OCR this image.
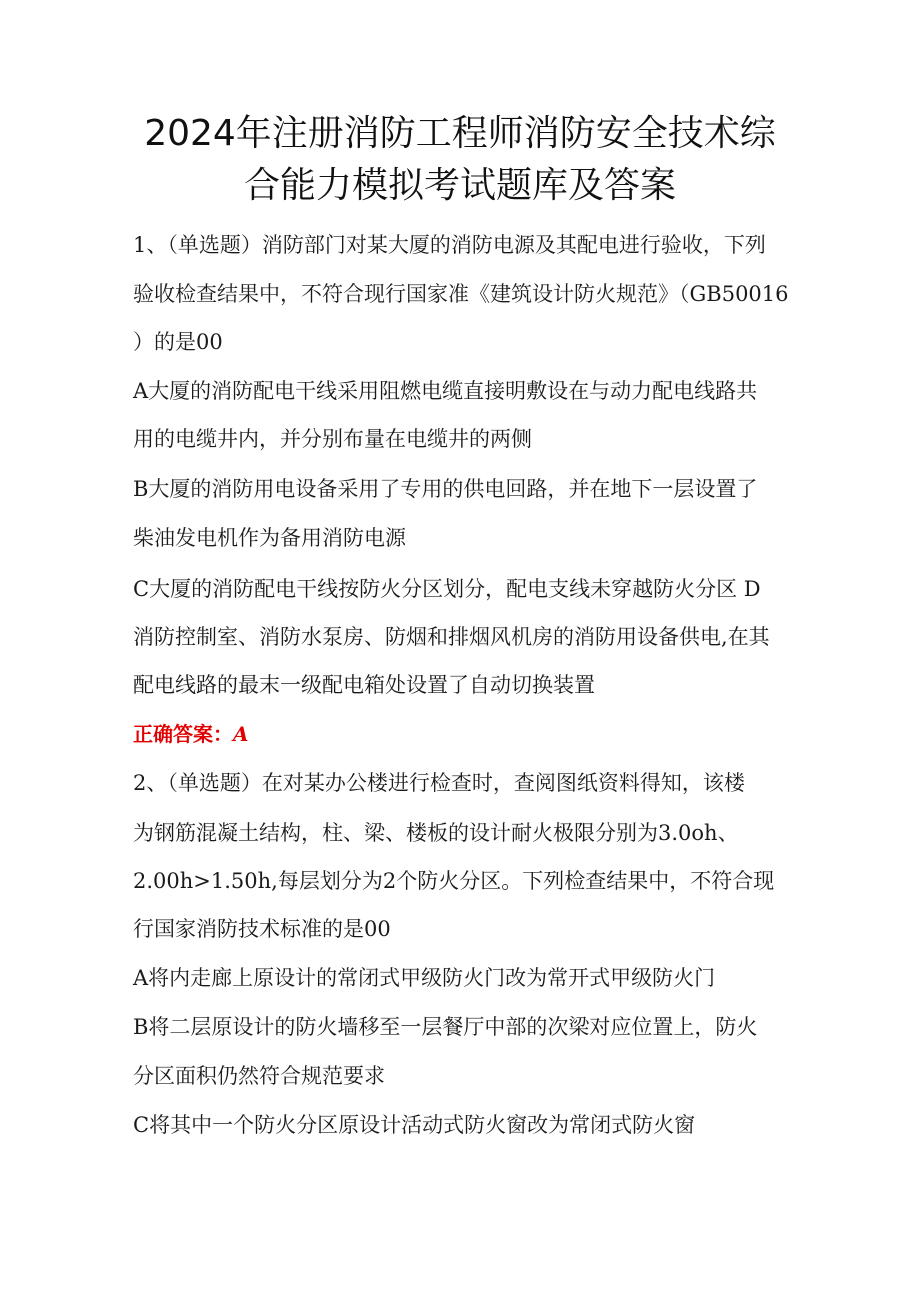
2024年注册消防工程师消防安全技术综
合能力模拟考试题库及答案
1、（单选题）消防部门对某大厦的消防电源及其配电进行验收，下列
验收检查结果中，不符合现行国家准《建筑设计防火规范》（GB50016
）的是00
A大厦的消防配电干线采用阻燃电缆直接明敷设在与动力配电线路共
用的电缆井内，并分别布量在电缆井的两侧
B大厦的消防用电设备采用了专用的供电回路，并在地下一层设置了
柴油发电机作为备用消防电源
C大厦的消防配电干线按防火分区划分，配电支线未穿越防火分区 D
消防控制室、消防水泵房、防烟和排烟风机房的消防用设备供电,在其
配电线路的最末一级配电箱处设置了自动切换装置
正确答案：A
2、（单选题）在对某办公楼进行检查时，查阅图纸资料得知，该楼
为钢筋混凝土结构，柱、梁、楼板的设计耐火极限分别为3.0oh、
2.00h>1.50h,每层划分为2个防火分区。下列检查结果中，不符合现
行国家消防技术标准的是00
A将内走廊上原设计的常闭式甲级防火门改为常开式甲级防火门
B将二层原设计的防火墙移至一层餐厅中部的次梁对应位置上，防火
分区面积仍然符合规范要求
C将其中一个防火分区原设计活动式防火窗改为常闭式防火窗
